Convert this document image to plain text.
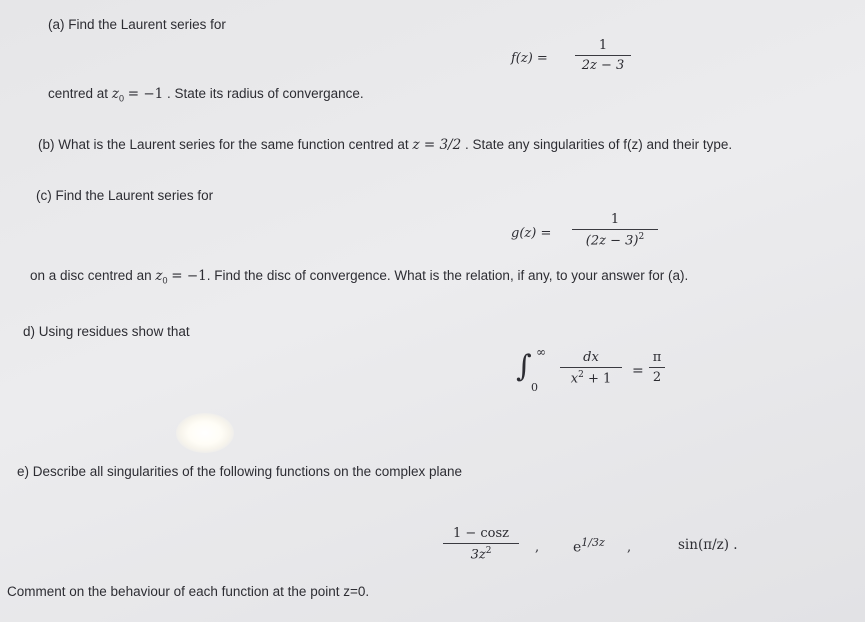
(a) Find the Laurent series for
f(z) =
1
2z − 3
centred at $z_0 = -1$ . State its radius of convergance.
(b) What is the Laurent series for the same function centred at z = 3/2 . State any singularities of f(z) and their type.
(c) Find the Laurent series for
g(z) =
1
$(2z - 3)^2$
on a disc centred an $z_0 = -1$. Find the disc of convergence. What is the relation, if any, to your answer for (a).
d) Using residues show that
∫ ∞
0
dx
$x^2 + 1$	=
π
2
e) Describe all singularities of the following functions on the complex plane
1 − cosz
$3z^2$	, $e^{1/3z}$ ,	sin(π/z) .
Comment on the behaviour of each function at the point z=0.
